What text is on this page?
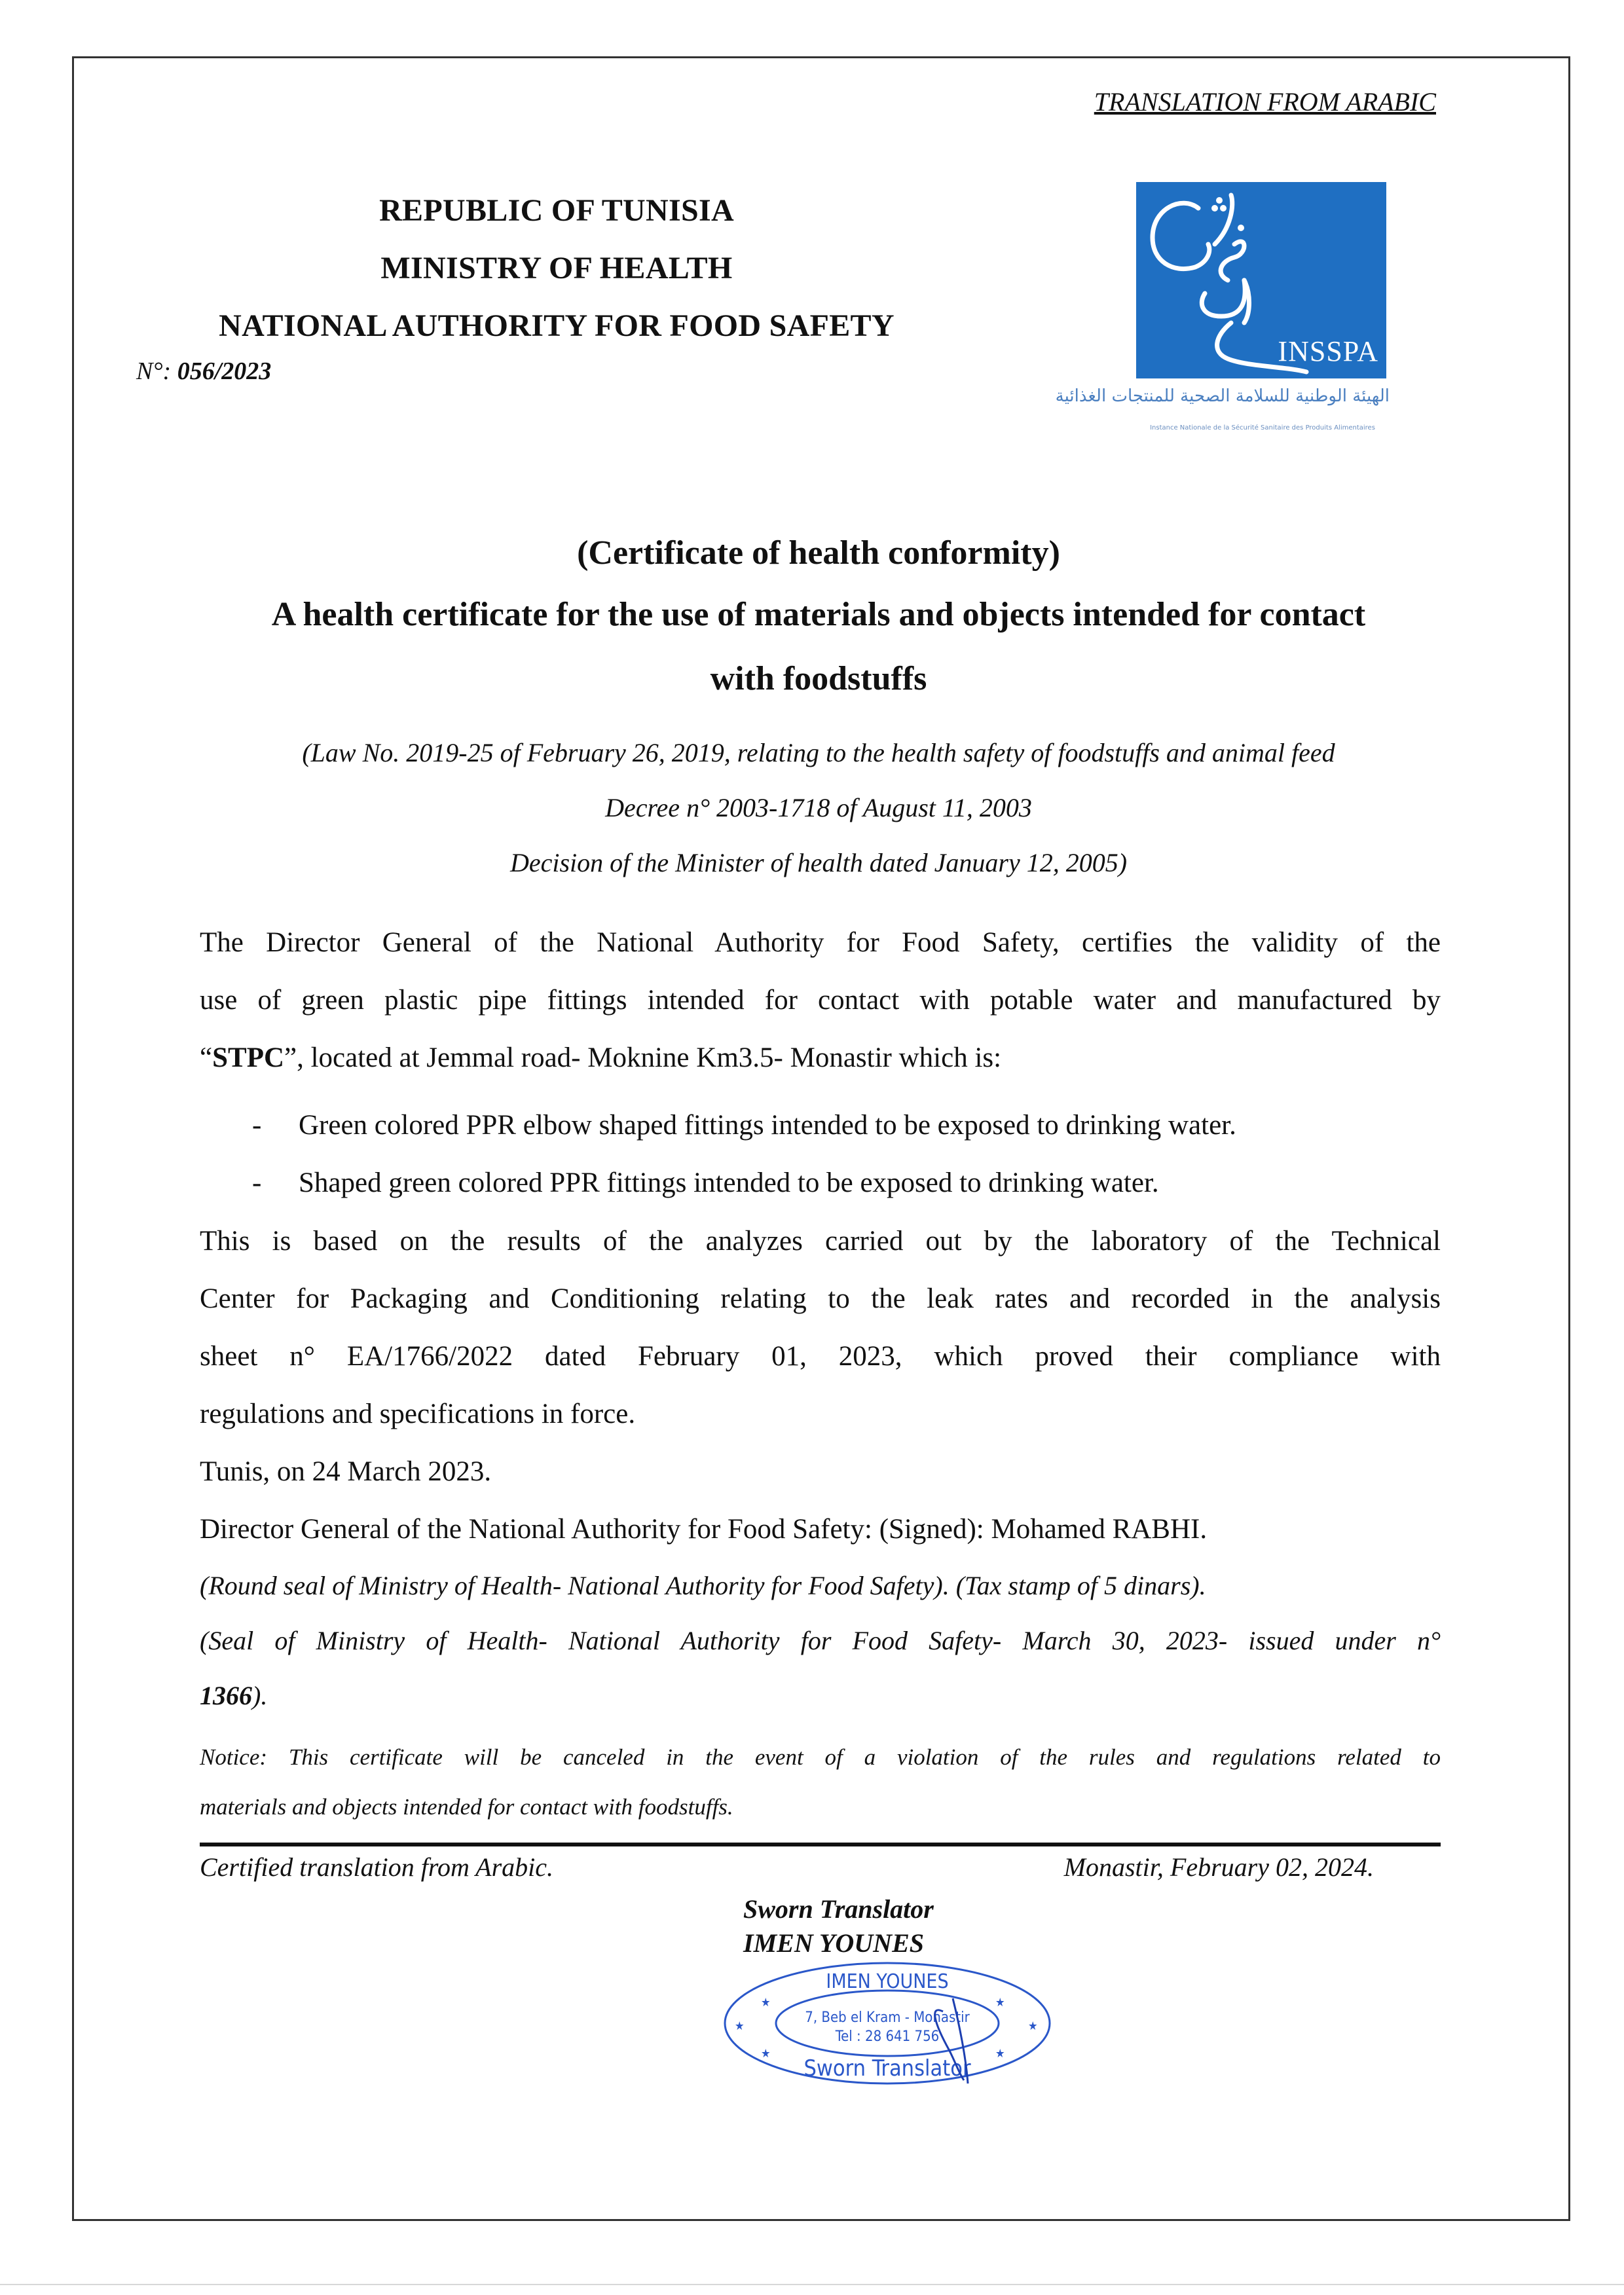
TRANSLATION FROM ARABIC
REPUBLIC OF TUNISIA
MINISTRY OF HEALTH
NATIONAL AUTHORITY FOR FOOD SAFETY
N°: 056/2023
INSSPA
الهيئة الوطنية للسلامة الصحية للمنتجات الغذائية
Instance Nationale de la Sécurité Sanitaire des Produits Alimentaires
(Certificate of health conformity)
A health certificate for the use of materials and objects intended for contact
with foodstuffs
(Law No. 2019-25 of February 26, 2019, relating to the health safety of foodstuffs and animal feed
Decree n° 2003-1718 of August 11, 2003
Decision of the Minister of health dated January 12, 2005)
The Director General of the National Authority for Food Safety, certifies the validity of the
use of green plastic pipe fittings intended for contact with potable water and manufactured by
“STPC”, located at Jemmal road- Moknine Km3.5- Monastir which is:
- Green colored PPR elbow shaped fittings intended to be exposed to drinking water.
- Shaped green colored PPR fittings intended to be exposed to drinking water.
This is based on the results of the analyzes carried out by the laboratory of the Technical
Center for Packaging and Conditioning relating to the leak rates and recorded in the analysis
sheet n° EA/1766/2022 dated February 01, 2023, which proved their compliance with
regulations and specifications in force.
Tunis, on 24 March 2023.
Director General of the National Authority for Food Safety: (Signed): Mohamed RABHI.
(Round seal of Ministry of Health- National Authority for Food Safety). (Tax stamp of 5 dinars).
(Seal of Ministry of Health- National Authority for Food Safety- March 30, 2023- issued under n°
1366).
Notice: This certificate will be canceled in the event of a violation of the rules and regulations related to
materials and objects intended for contact with foodstuffs.
Certified translation from Arabic.	Monastir, February 02, 2024.
Sworn Translator
IMEN YOUNES
IMEN YOUNES
7, Beb el Kram - Monastir
Tel : 28 641 756
Sworn Translator
★	★
★	★
★	★
